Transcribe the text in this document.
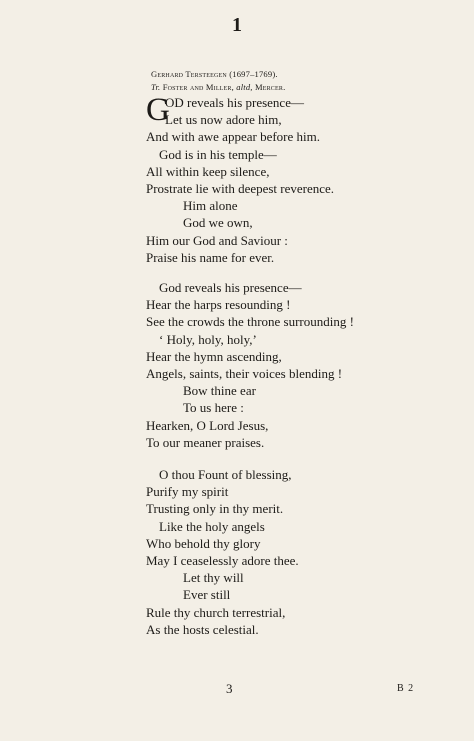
1
Gerhard Tersteegen (1697–1769).
Tr. Foster and Miller, altd, Mercer.
G
OD reveals his presence—
Let us now adore him,
And with awe appear before him.
God is in his temple—
All within keep silence,
Prostrate lie with deepest reverence.
Him alone
God we own,
Him our God and Saviour :
Praise his name for ever.
God reveals his presence—
Hear the harps resounding !
See the crowds the throne surrounding !
‘ Holy, holy, holy,’
Hear the hymn ascending,
Angels, saints, their voices blending !
Bow thine ear
To us here :
Hearken, O Lord Jesus,
To our meaner praises.
O thou Fount of blessing,
Purify my spirit
Trusting only in thy merit.
Like the holy angels
Who behold thy glory
May I ceaselessly adore thee.
Let thy will
Ever still
Rule thy church terrestrial,
As the hosts celestial.
3	B 2
